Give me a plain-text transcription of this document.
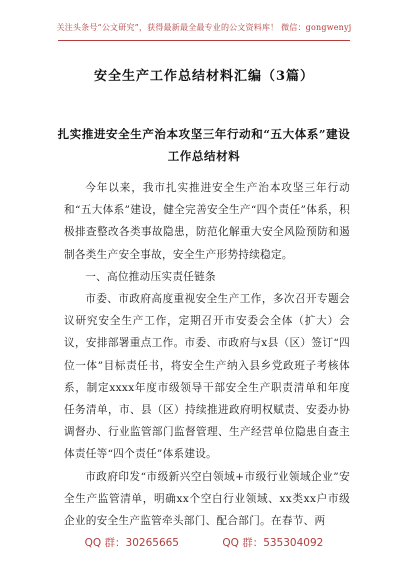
关注头条号“公文研究”，获得最新最全最专业的公文资料库！ 微信：gongwenyj
安全生产工作总结材料汇编（3篇）
扎实推进安全生产治本攻坚三年行动和“五大体系”建设
工作总结材料

今年以来，我市扎实推进安全生产治本攻坚三年行动和“五大体系”建设，健全完善安全生产“四个责任”体系，积极排查整改各类事故隐患，防范化解重大安全风险预防和遏制各类生产安全事故，安全生产形势持续稳定。

一、高位推动压实责任链条

市委、市政府高度重视安全生产工作，多次召开专题会议研究安全生产工作，定期召开市安委会全体（扩大）会议，安排部署重点工作。市委、市政府与x县（区）签订“四位一体”目标责任书，将安全生产纳入县乡党政班子考核体系，制定xxxx年度市级领导干部安全生产职责清单和年度任务清单，市、县（区）持续推进政府明权赋责、安委办协调督办、行业监管部门监督管理、生产经营单位隐患自查主体责任等“四个责任”体系建设。

市政府印发“市级新兴空白领域+市级行业领域企业”安全生产监管清单，明确xx个空白行业领域、xx类xx户市级企业的安全生产监管牵头部门、配合部门。在春节、两

QQ 群：30265665	QQ 群：535304092
